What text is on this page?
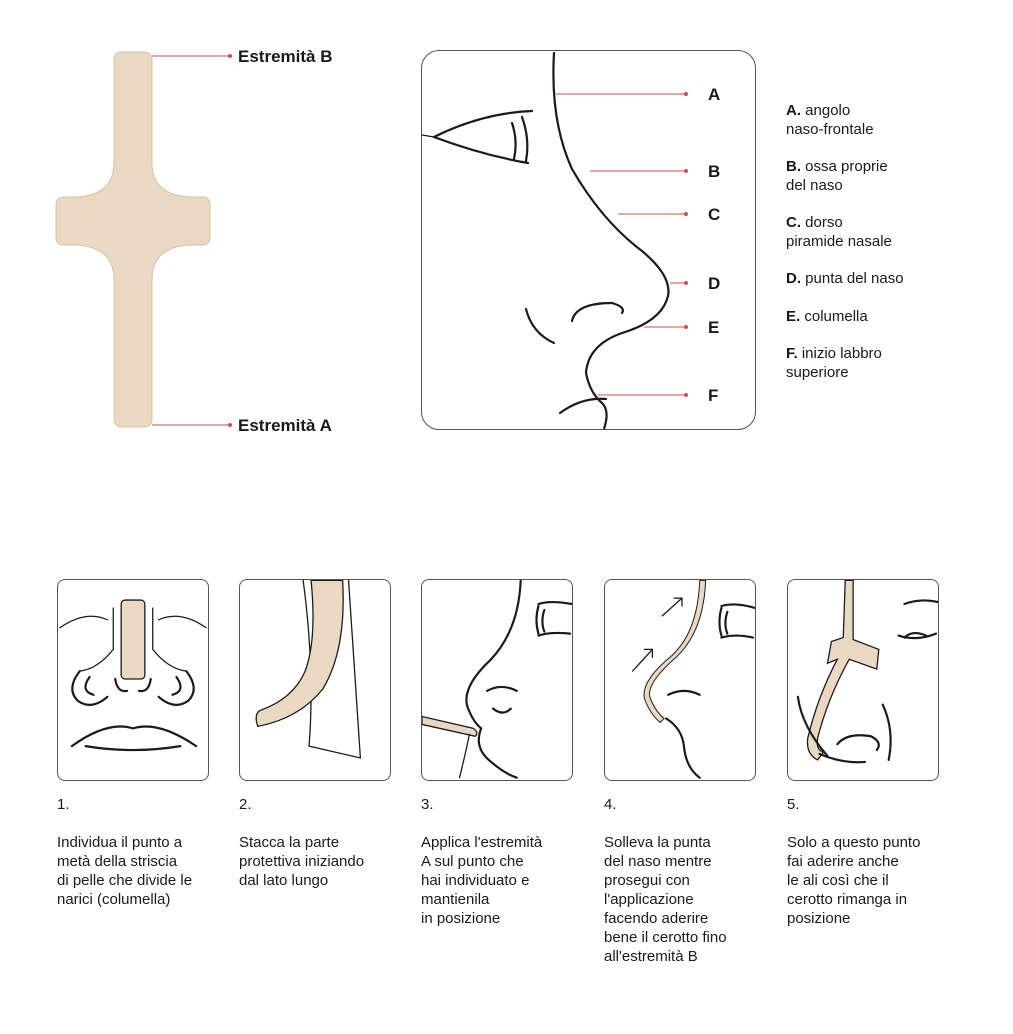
Estremità B
Estremità A
A
B
C
D
E
F
A. angolo
naso-frontale
B. ossa proprie
del naso
C. dorso
piramide nasale
D. punta del naso
E. columella
F. inizio labbro
superiore
1.	2.	3.	4.	5.
Individua il punto a
metà della striscia
di pelle che divide le
narici (columella)
Stacca la parte
protettiva iniziando
dal lato lungo
Applica l'estremità
A sul punto che
hai individuato e
mantienila
in posizione
Solleva la punta
del naso mentre
prosegui con
l'applicazione
facendo aderire
bene il cerotto fino
all'estremità B
Solo a questo punto
fai aderire anche
le ali così che il
cerotto rimanga in
posizione
